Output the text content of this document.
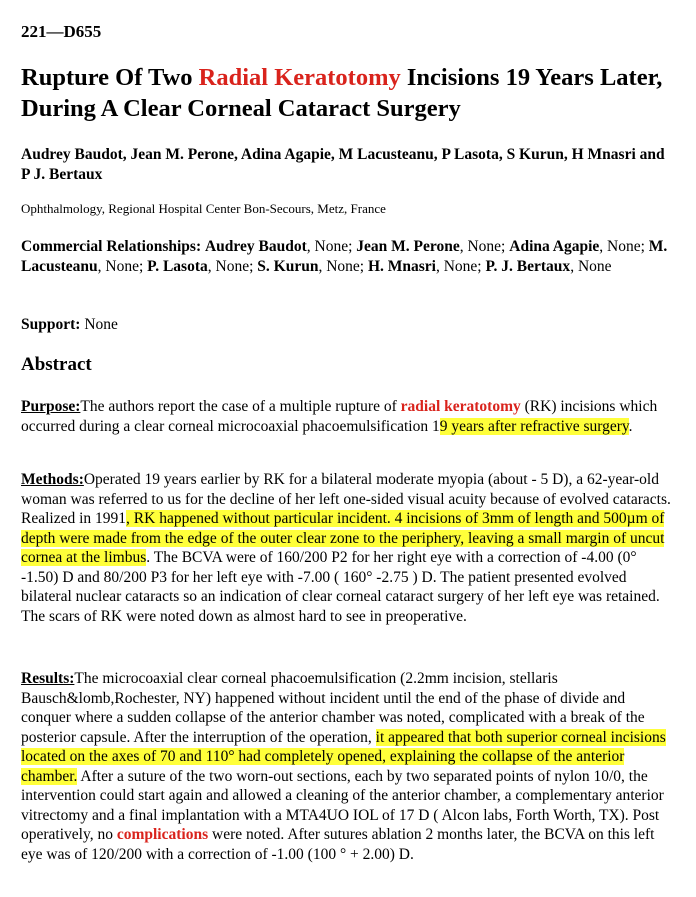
221—D655
Rupture Of Two Radial Keratotomy Incisions 19 Years Later, During A Clear Corneal Cataract Surgery
Audrey Baudot, Jean M. Perone, Adina Agapie, M Lacusteanu, P Lasota, S Kurun, H Mnasri and P J. Bertaux
Ophthalmology, Regional Hospital Center Bon-Secours, Metz, France
Commercial Relationships: Audrey Baudot, None; Jean M. Perone, None; Adina Agapie, None; M. Lacusteanu, None; P. Lasota, None; S. Kurun, None; H. Mnasri, None; P. J. Bertaux, None
Support: None
Abstract
Purpose:The authors report the case of a multiple rupture of radial keratotomy (RK) incisions which occurred during a clear corneal microcoaxial phacoemulsification 19 years after refractive surgery.
Methods:Operated 19 years earlier by RK for a bilateral moderate myopia (about - 5 D), a 62-year-old woman was referred to us for the decline of her left one-sided visual acuity because of evolved cataracts. Realized in 1991, RK happened without particular incident. 4 incisions of 3mm of length and 500µm of depth were made from the edge of the outer clear zone to the periphery, leaving a small margin of uncut cornea at the limbus. The BCVA were of 160/200 P2 for her right eye with a correction of -4.00 (0° -1.50) D and 80/200 P3 for her left eye with -7.00 ( 160° -2.75 ) D. The patient presented evolved bilateral nuclear cataracts so an indication of clear corneal cataract surgery of her left eye was retained. The scars of RK were noted down as almost hard to see in preoperative.
Results:The microcoaxial clear corneal phacoemulsification (2.2mm incision, stellaris Bausch&lomb,Rochester, NY) happened without incident until the end of the phase of divide and conquer where a sudden collapse of the anterior chamber was noted, complicated with a break of the posterior capsule. After the interruption of the operation, it appeared that both superior corneal incisions located on the axes of 70 and 110° had completely opened, explaining the collapse of the anterior chamber. After a suture of the two worn-out sections, each by two separated points of nylon 10/0, the intervention could start again and allowed a cleaning of the anterior chamber, a complementary anterior vitrectomy and a final implantation with a MTA4UO IOL of 17 D ( Alcon labs, Forth Worth, TX). Post operatively, no complications were noted. After sutures ablation 2 months later, the BCVA on this left eye was of 120/200 with a correction of -1.00 (100 ° + 2.00) D.
